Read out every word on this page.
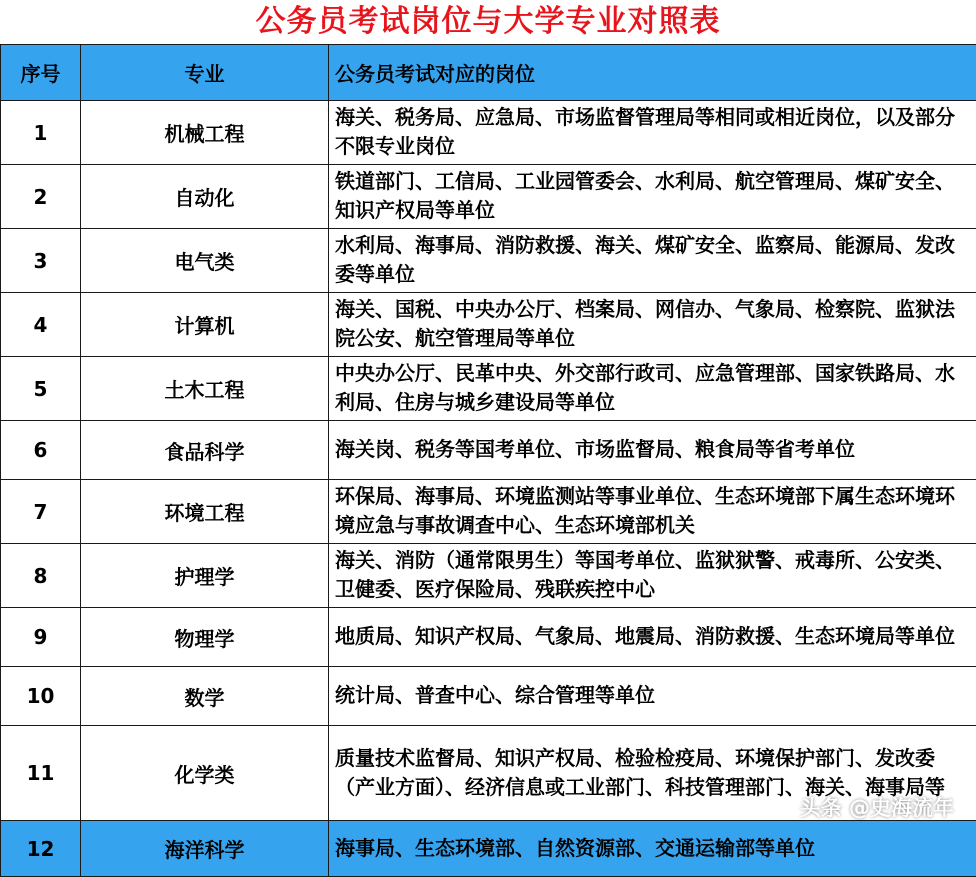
公务员考试岗位与大学专业对照表
序号	专业	公务员考试对应的岗位
1	机械工程	海关、税务局、应急局、市场监督管理局等相同或相近岗位，以及部分不限专业岗位
2	自动化	铁道部门、工信局、工业园管委会、水利局、航空管理局、煤矿安全、知识产权局等单位
3	电气类	水利局、海事局、消防救援、海关、煤矿安全、监察局、能源局、发改委等单位
4	计算机	海关、国税、中央办公厅、档案局、网信办、气象局、检察院、监狱法院公安、航空管理局等单位
5	土木工程	中央办公厅、民革中央、外交部行政司、应急管理部、国家铁路局、水利局、住房与城乡建设局等单位
6	食品科学	海关岗、税务等国考单位、市场监督局、粮食局等省考单位
7	环境工程	环保局、海事局、环境监测站等事业单位、生态环境部下属生态环境环境应急与事故调查中心、生态环境部机关
8	护理学	海关、消防（通常限男生）等国考单位、监狱狱警、戒毒所、公安类、卫健委、医疗保险局、残联疾控中心
9	物理学	地质局、知识产权局、气象局、地震局、消防救援、生态环境局等单位
10	数学	统计局、普查中心、综合管理等单位
11	化学类	质量技术监督局、知识产权局、检验检疫局、环境保护部门、发改委（产业方面）、经济信息或工业部门、科技管理部门、海关、海事局等
12	海洋科学	海事局、生态环境部、自然资源部、交通运输部等单位
头条 @史海流年
